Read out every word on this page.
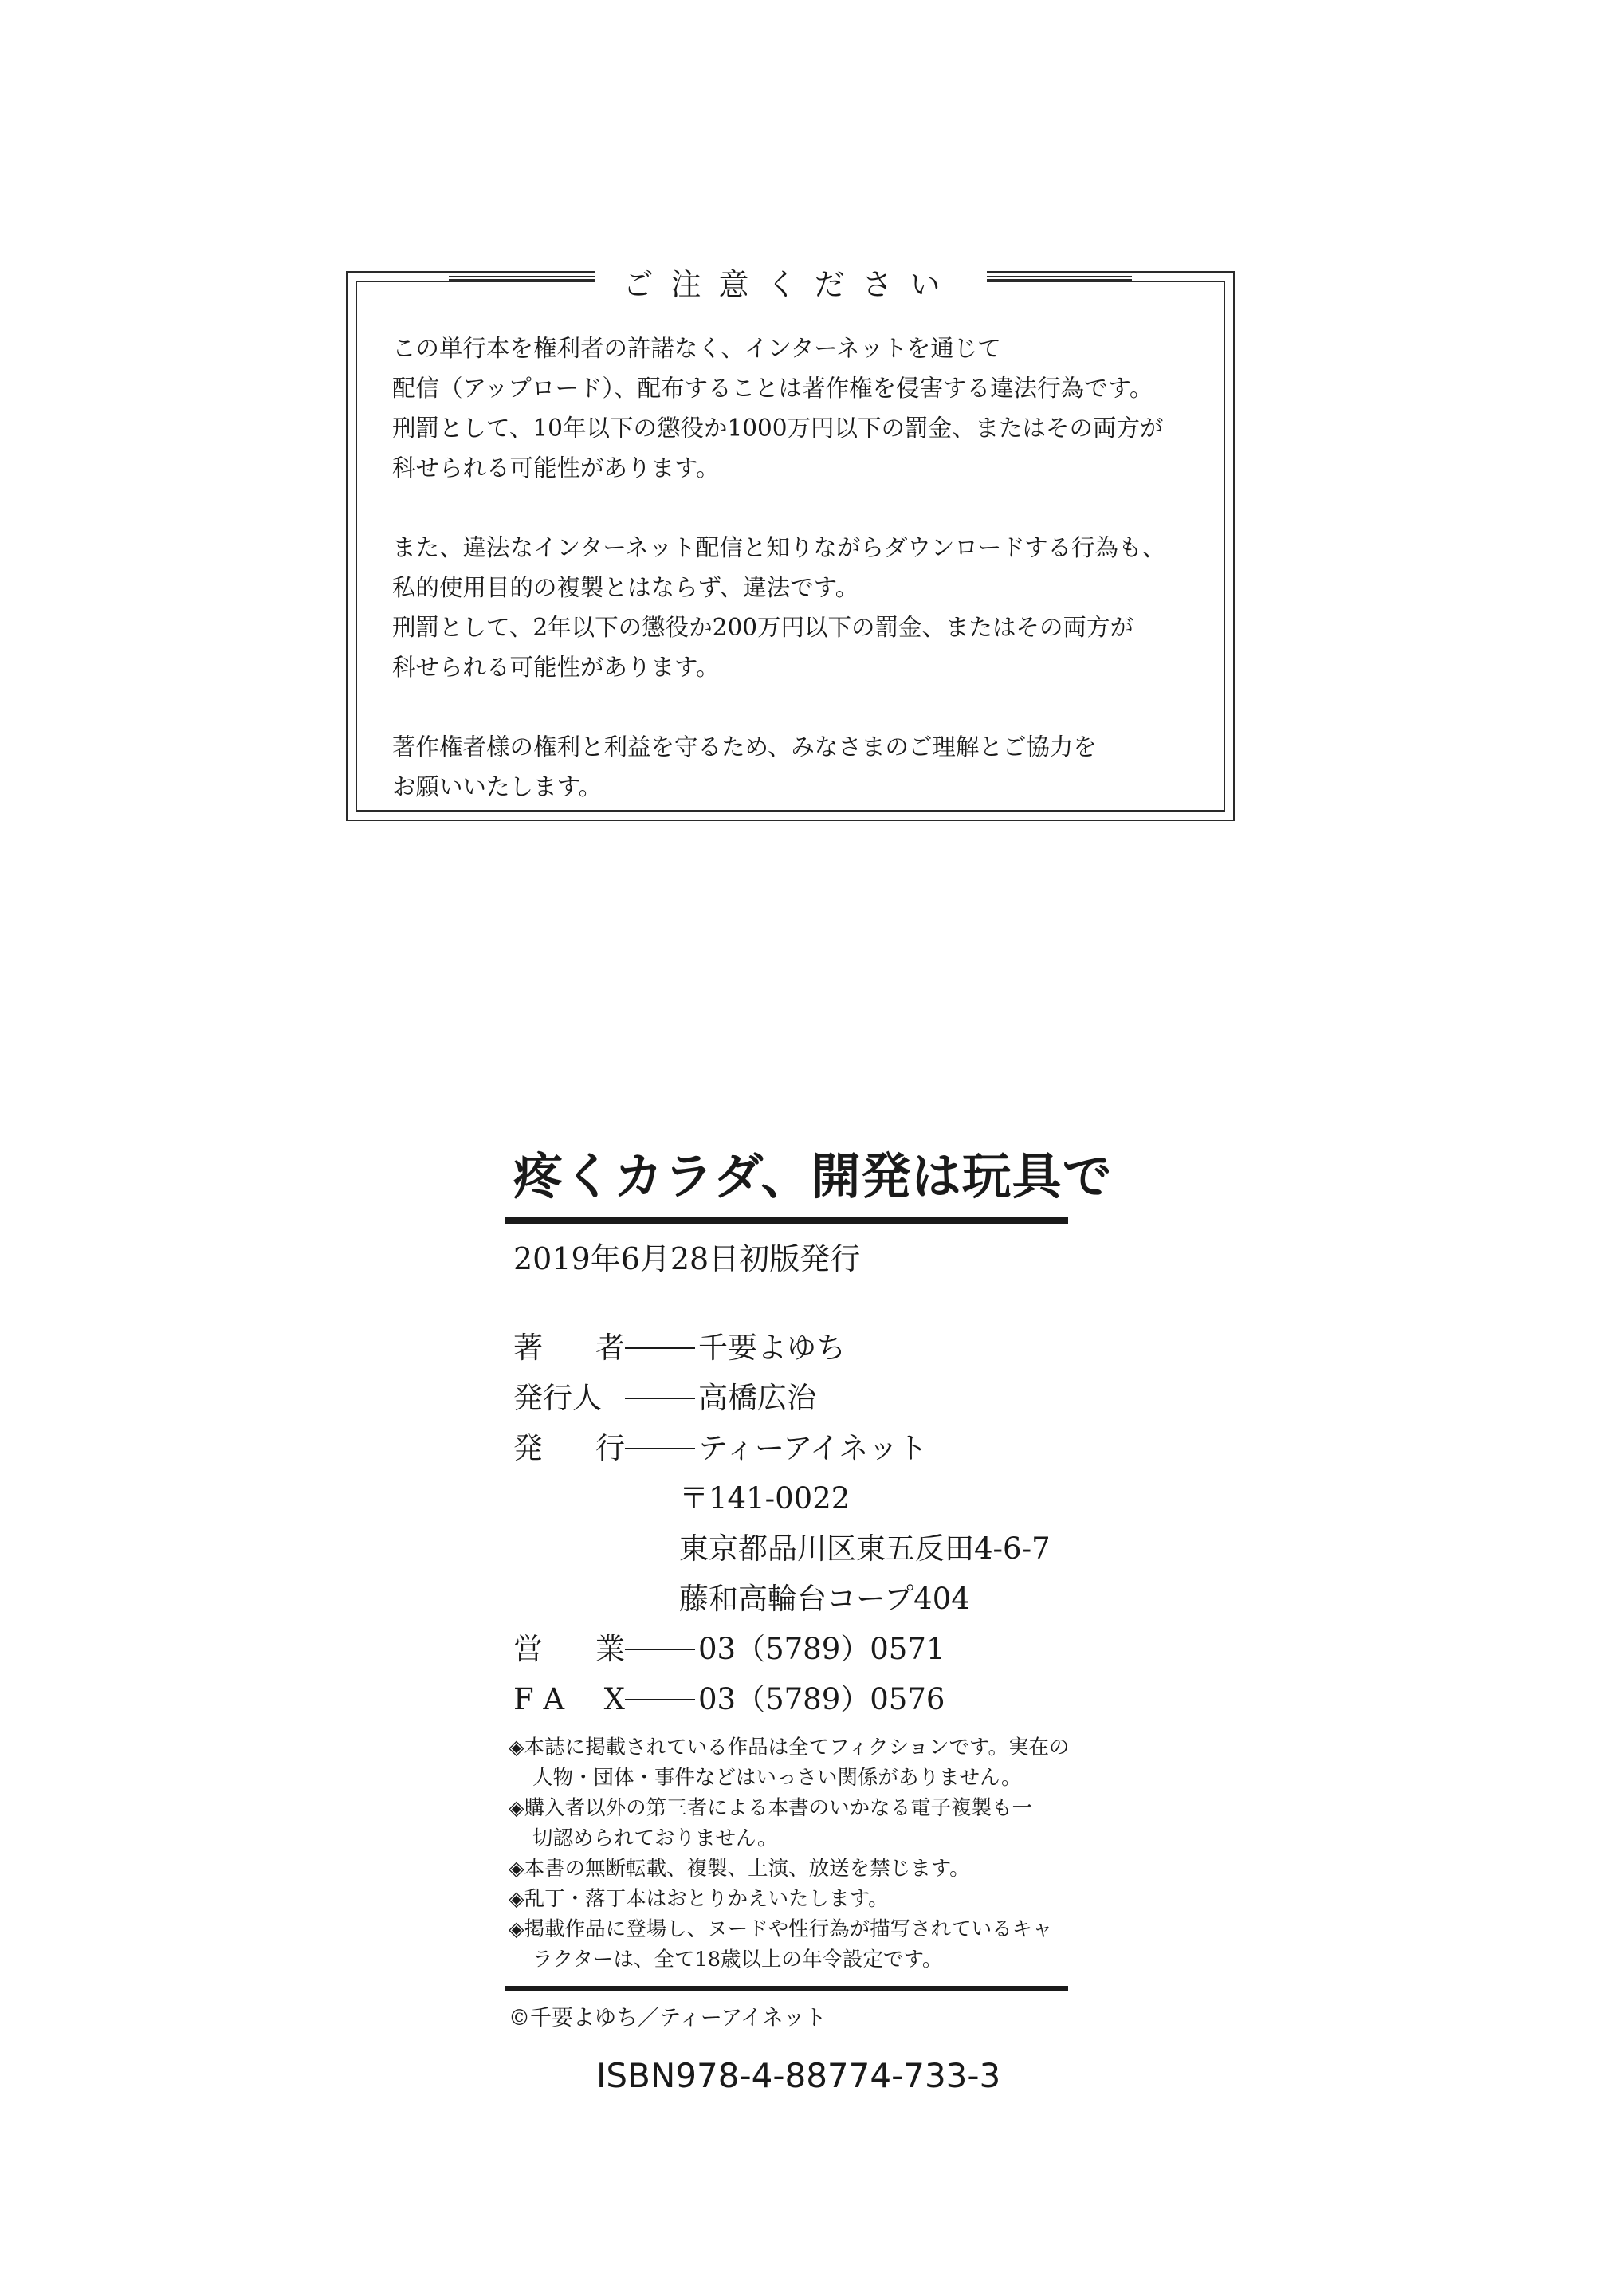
ご注意ください

この単行本を権利者の許諾なく、インターネットを通じて
配信（アップロード）、配布することは著作権を侵害する違法行為です。
刑罰として、10年以下の懲役か1000万円以下の罰金、またはその両方が
科せられる可能性があります。

また、違法なインターネット配信と知りながらダウンロードする行為も、
私的使用目的の複製とはならず、違法です。
刑罰として、2年以下の懲役か200万円以下の罰金、またはその両方が
科せられる可能性があります。

著作権者様の権利と利益を守るため、みなさまのご理解とご協力を
お願いいたします。

疼くカラダ、開発は玩具で
2019年6月28日初版発行
著 者 千要よゆち
発行人	高橋広治
発 行 ティーアイネット
〒141-0022
東京都品川区東五反田4-6-7
藤和高輪台コープ404
営 業 03（5789）0571
F A X 03（5789）0576
◈本誌に掲載されている作品は全てフィクションです。実在の
人物・団体・事件などはいっさい関係がありません。
◈購入者以外の第三者による本書のいかなる電子複製も一
切認められておりません。
◈本書の無断転載、複製、上演、放送を禁じます。
◈乱丁・落丁本はおとりかえいたします。
◈掲載作品に登場し、ヌードや性行為が描写されているキャ
ラクターは、全て18歳以上の年令設定です。
©千要よゆち／ティーアイネット
ISBN978-4-88774-733-3
